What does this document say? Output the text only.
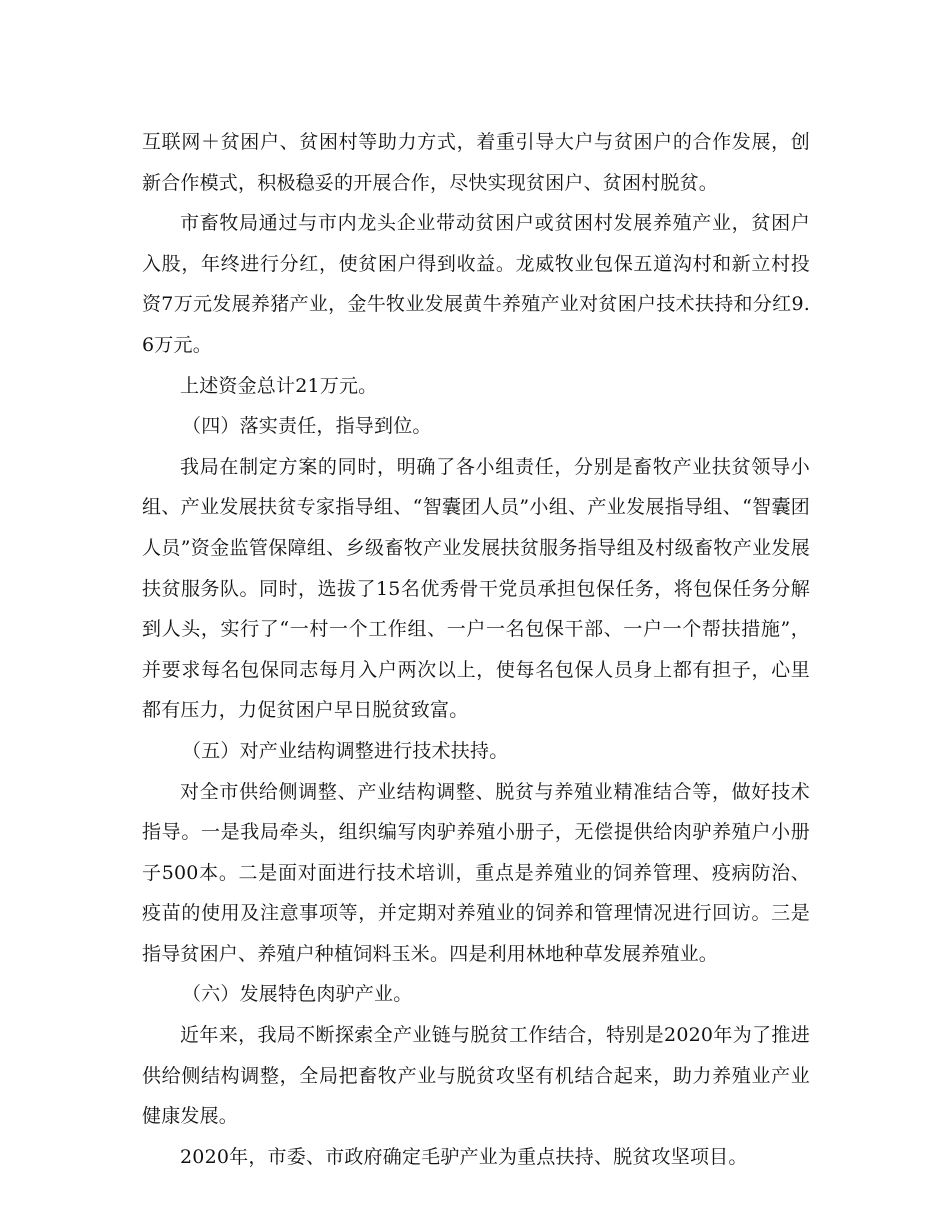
互联网＋贫困户、贫困村等助力方式，着重引导大户与贫困户的合作发展，创新合作模式，积极稳妥的开展合作，尽快实现贫困户、贫困村脱贫。

市畜牧局通过与市内龙头企业带动贫困户或贫困村发展养殖产业，贫困户入股，年终进行分红，使贫困户得到收益。龙威牧业包保五道沟村和新立村投资7万元发展养猪产业，金牛牧业发展黄牛养殖产业对贫困户技术扶持和分红9.6万元。

上述资金总计21万元。

（四）落实责任，指导到位。

我局在制定方案的同时，明确了各小组责任，分别是畜牧产业扶贫领导小组、产业发展扶贫专家指导组、“智囊团人员”小组、产业发展指导组、“智囊团人员”资金监管保障组、乡级畜牧产业发展扶贫服务指导组及村级畜牧产业发展扶贫服务队。同时，选拔了15名优秀骨干党员承担包保任务，将包保任务分解到人头，实行了“一村一个工作组、一户一名包保干部、一户一个帮扶措施”，并要求每名包保同志每月入户两次以上，使每名包保人员身上都有担子，心里都有压力，力促贫困户早日脱贫致富。

（五）对产业结构调整进行技术扶持。

对全市供给侧调整、产业结构调整、脱贫与养殖业精准结合等，做好技术指导。一是我局牵头，组织编写肉驴养殖小册子，无偿提供给肉驴养殖户小册子500本。二是面对面进行技术培训，重点是养殖业的饲养管理、疫病防治、疫苗的使用及注意事项等，并定期对养殖业的饲养和管理情况进行回访。三是指导贫困户、养殖户种植饲料玉米。四是利用林地种草发展养殖业。

（六）发展特色肉驴产业。

近年来，我局不断探索全产业链与脱贫工作结合，特别是2020年为了推进供给侧结构调整，全局把畜牧产业与脱贫攻坚有机结合起来，助力养殖业产业健康发展。

2020年，市委、市政府确定毛驴产业为重点扶持、脱贫攻坚项目。
